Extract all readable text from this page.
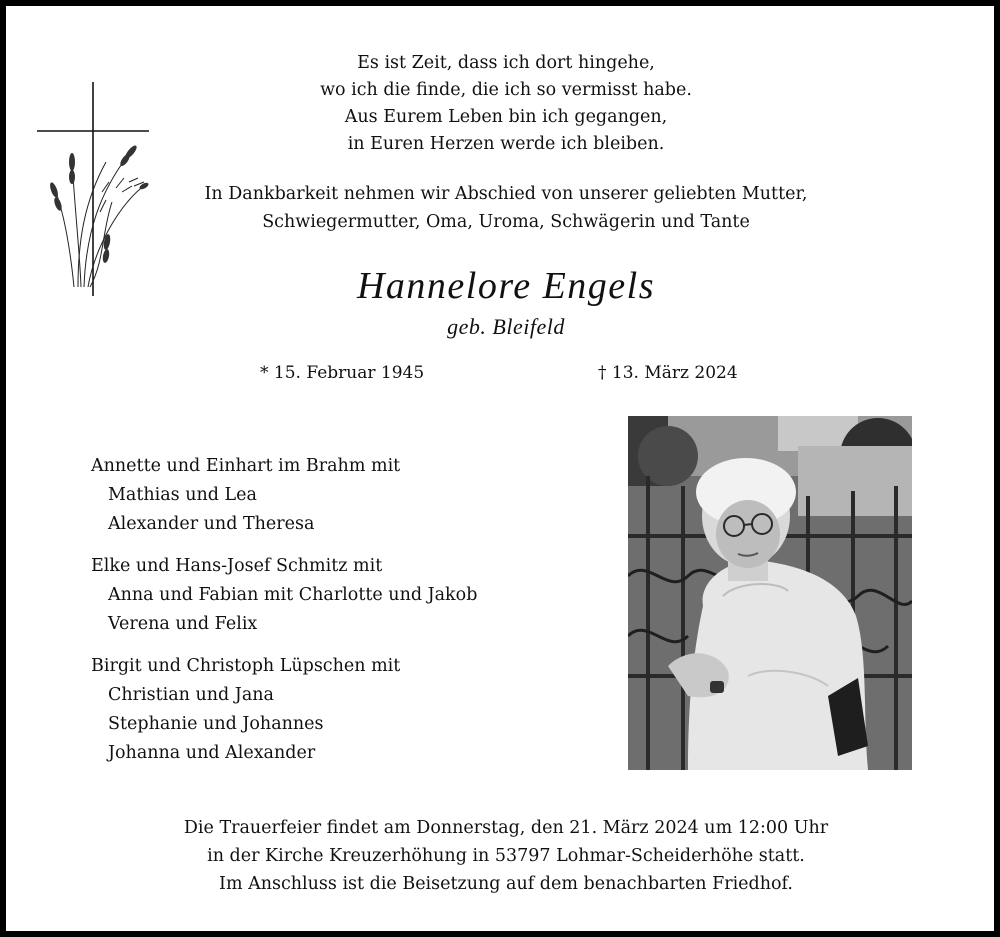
Es ist Zeit, dass ich dort hingehe,
wo ich die finde, die ich so vermisst habe.
Aus Eurem Leben bin ich gegangen,
in Euren Herzen werde ich bleiben.
In Dankbarkeit nehmen wir Abschied von unserer geliebten Mutter,
Schwiegermutter, Oma, Uroma, Schwägerin und Tante
Hannelore Engels
geb. Bleifeld
* 15. Februar 1945	† 13. März 2024
Annette und Einhart im Brahm mit
Mathias und Lea
Alexander und Theresa
Elke und Hans-Josef Schmitz mit
Anna und Fabian mit Charlotte und Jakob
Verena und Felix
Birgit und Christoph Lüpschen mit
Christian und Jana
Stephanie und Johannes
Johanna und Alexander
Die Trauerfeier findet am Donnerstag, den 21. März 2024 um 12:00 Uhr
in der Kirche Kreuzerhöhung in 53797 Lohmar-Scheiderhöhe statt.
Im Anschluss ist die Beisetzung auf dem benachbarten Friedhof.
